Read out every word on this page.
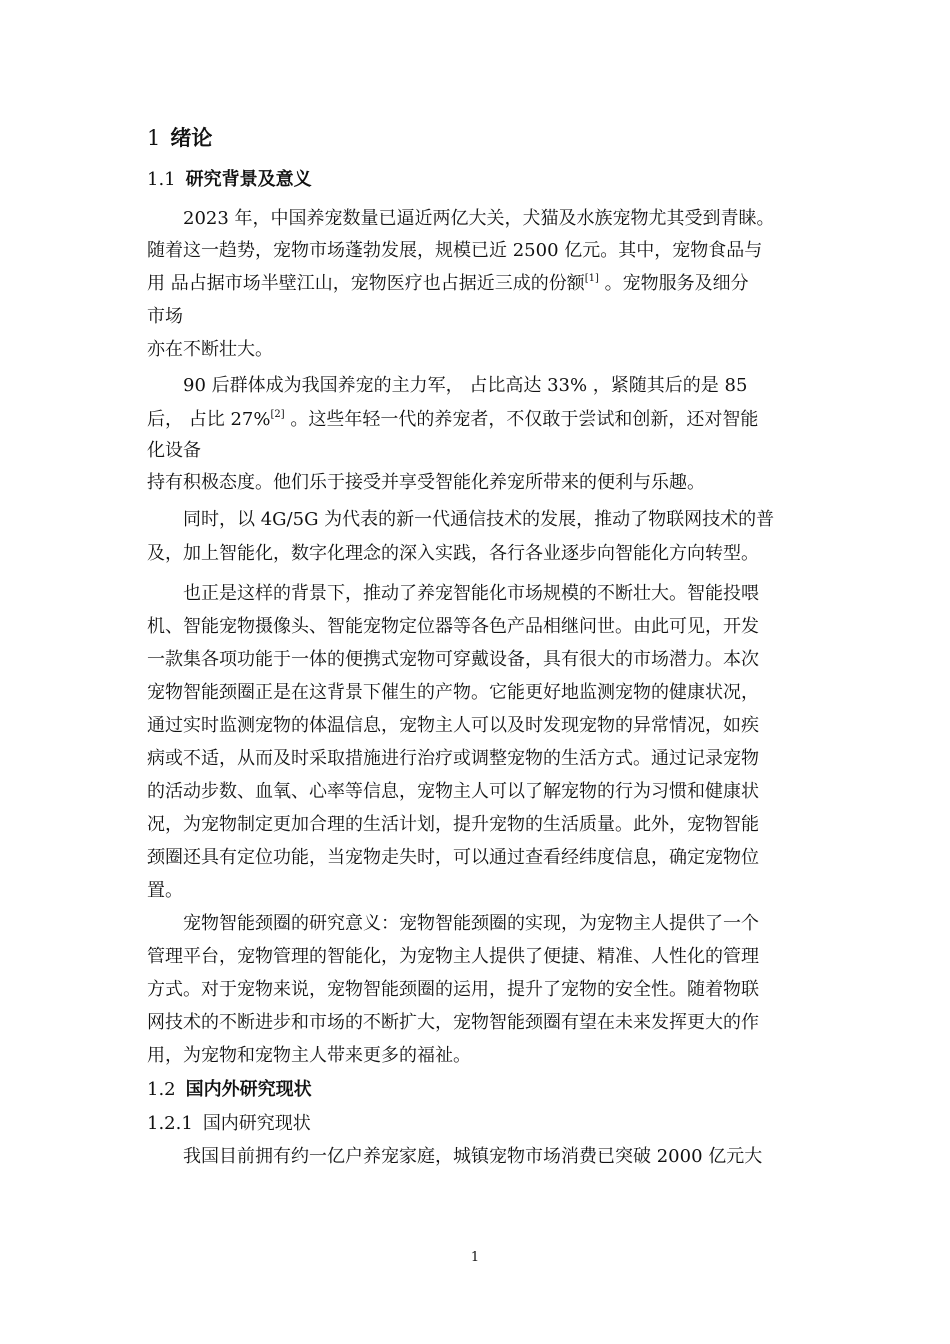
1 绪论
1.1 研究背景及意义
2023 年，中国养宠数量已逼近两亿大关，犬猫及水族宠物尤其受到青睐。
随着这一趋势，宠物市场蓬勃发展，规模已近 2500 亿元。其中，宠物食品与
用 品占据市场半壁江山，宠物医疗也占据近三成的份额[1] 。宠物服务及细分
市场
亦在不断壮大。
90 后群体成为我国养宠的主力军， 占比高达 33% ，紧随其后的是 85
后， 占比 27%[2] 。这些年轻一代的养宠者，不仅敢于尝试和创新，还对智能
化设备
持有积极态度。他们乐于接受并享受智能化养宠所带来的便利与乐趣。
同时，以 4G/5G 为代表的新一代通信技术的发展，推动了物联网技术的普
及，加上智能化，数字化理念的深入实践，各行各业逐步向智能化方向转型。
也正是这样的背景下，推动了养宠智能化市场规模的不断壮大。智能投喂
机、智能宠物摄像头、智能宠物定位器等各色产品相继问世。由此可见，开发
一款集各项功能于一体的便携式宠物可穿戴设备，具有很大的市场潜力。本次
宠物智能颈圈正是在这背景下催生的产物。它能更好地监测宠物的健康状况，
通过实时监测宠物的体温信息，宠物主人可以及时发现宠物的异常情况，如疾
病或不适，从而及时采取措施进行治疗或调整宠物的生活方式。通过记录宠物
的活动步数、血氧、心率等信息，宠物主人可以了解宠物的行为习惯和健康状
况，为宠物制定更加合理的生活计划，提升宠物的生活质量。此外，宠物智能
颈圈还具有定位功能，当宠物走失时，可以通过查看经纬度信息，确定宠物位
置。
宠物智能颈圈的研究意义：宠物智能颈圈的实现，为宠物主人提供了一个
管理平台，宠物管理的智能化，为宠物主人提供了便捷、精准、人性化的管理
方式。对于宠物来说，宠物智能颈圈的运用，提升了宠物的安全性。随着物联
网技术的不断进步和市场的不断扩大，宠物智能颈圈有望在未来发挥更大的作
用，为宠物和宠物主人带来更多的福祉。
1.2 国内外研究现状
1.2.1 国内研究现状
我国目前拥有约一亿户养宠家庭，城镇宠物市场消费已突破 2000 亿元大
1
